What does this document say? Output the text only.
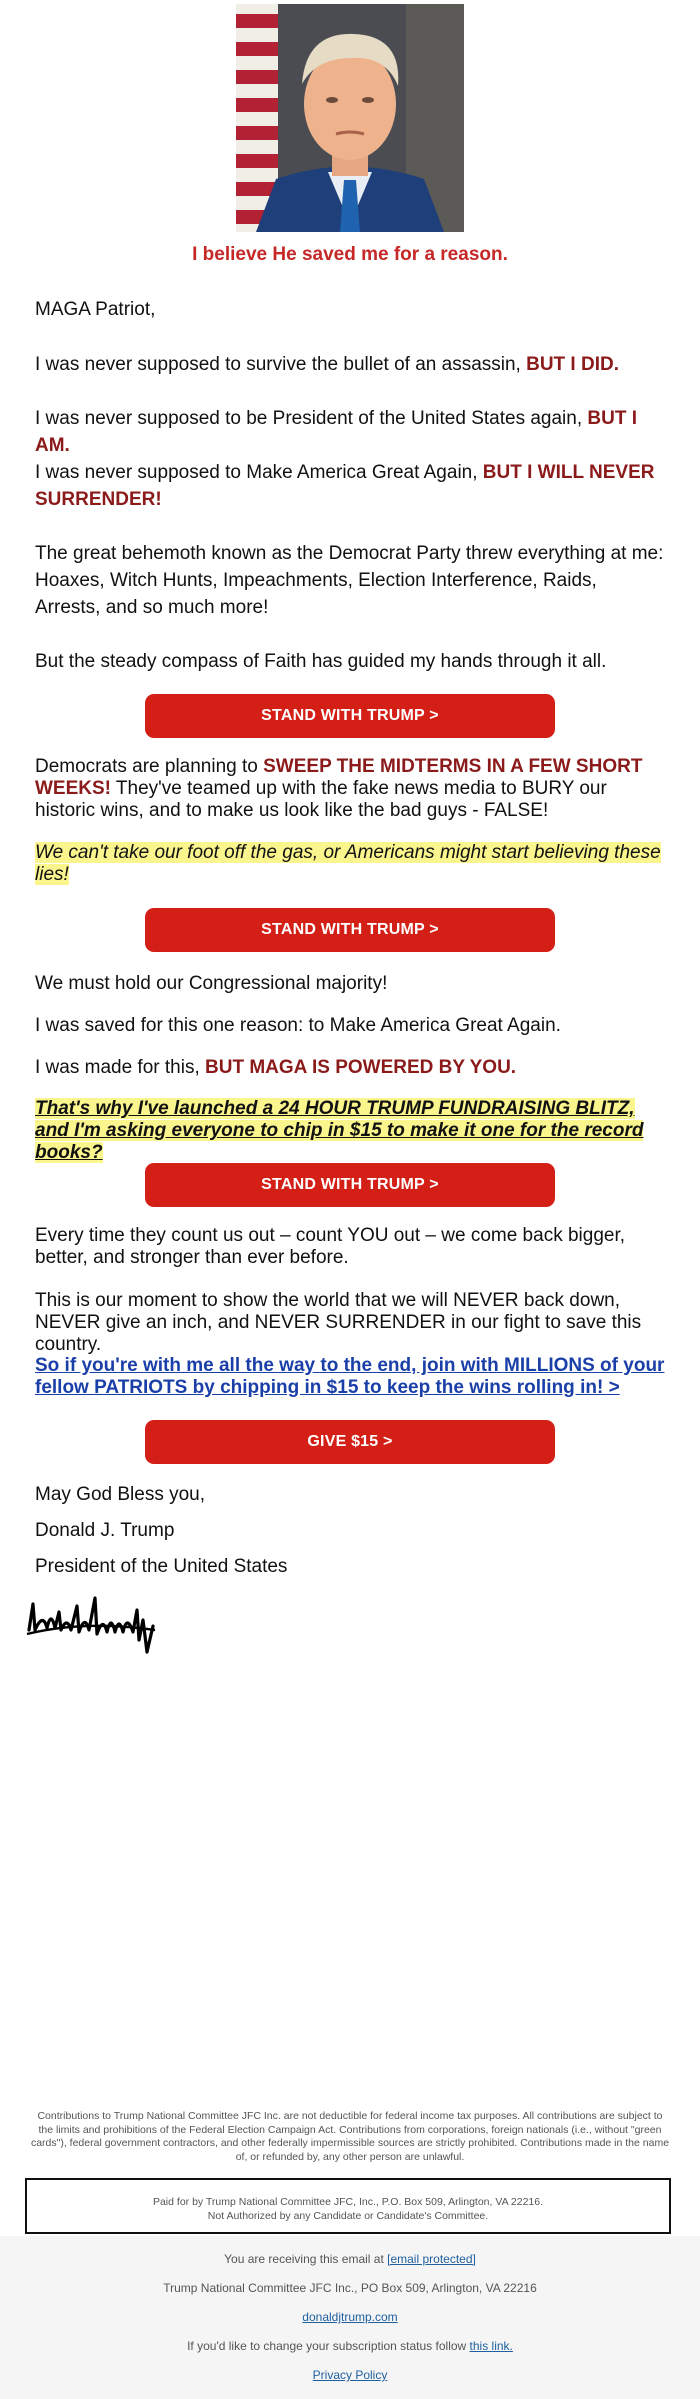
I believe He saved me for a reason.
MAGA Patriot,
I was never supposed to survive the bullet of an assassin, BUT I DID.
I was never supposed to be President of the United States again, BUT I AM.
I was never supposed to Make America Great Again, BUT I WILL NEVER SURRENDER!
The great behemoth known as the Democrat Party threw everything at me: Hoaxes, Witch Hunts, Impeachments, Election Interference, Raids, Arrests, and so much more!
But the steady compass of Faith has guided my hands through it all.
STAND WITH TRUMP >
Democrats are planning to SWEEP THE MIDTERMS IN A FEW SHORT WEEKS! They've teamed up with the fake news media to BURY our historic wins, and to make us look like the bad guys - FALSE!
We can't take our foot off the gas, or Americans might start believing these lies!
STAND WITH TRUMP >
We must hold our Congressional majority!
I was saved for this one reason: to Make America Great Again.
I was made for this, BUT MAGA IS POWERED BY YOU.
That's why I've launched a 24 HOUR TRUMP FUNDRAISING BLITZ, and I'm asking everyone to chip in $15 to make it one for the record books?
STAND WITH TRUMP >
Every time they count us out – count YOU out – we come back bigger, better, and stronger than ever before.
This is our moment to show the world that we will NEVER back down, NEVER give an inch, and NEVER SURRENDER in our fight to save this country.
So if you're with me all the way to the end, join with MILLIONS of your fellow PATRIOTS by chipping in $15 to keep the wins rolling in! >
GIVE $15 >
May God Bless you,
Donald J. Trump
President of the United States
Contributions to Trump National Committee JFC Inc. are not deductible for federal income tax purposes. All contributions are subject to the limits and prohibitions of the Federal Election Campaign Act. Contributions from corporations, foreign nationals (i.e., without "green cards"), federal government contractors, and other federally impermissible sources are strictly prohibited. Contributions made in the name of, or refunded by, any other person are unlawful.
Paid for by Trump National Committee JFC, Inc., P.O. Box 509, Arlington, VA 22216.
Not Authorized by any Candidate or Candidate's Committee.
You are receiving this email at [email protected]
Trump National Committee JFC Inc., PO Box 509, Arlington, VA 22216
donaldjtrump.com
If you'd like to change your subscription status follow this link.
Privacy Policy
